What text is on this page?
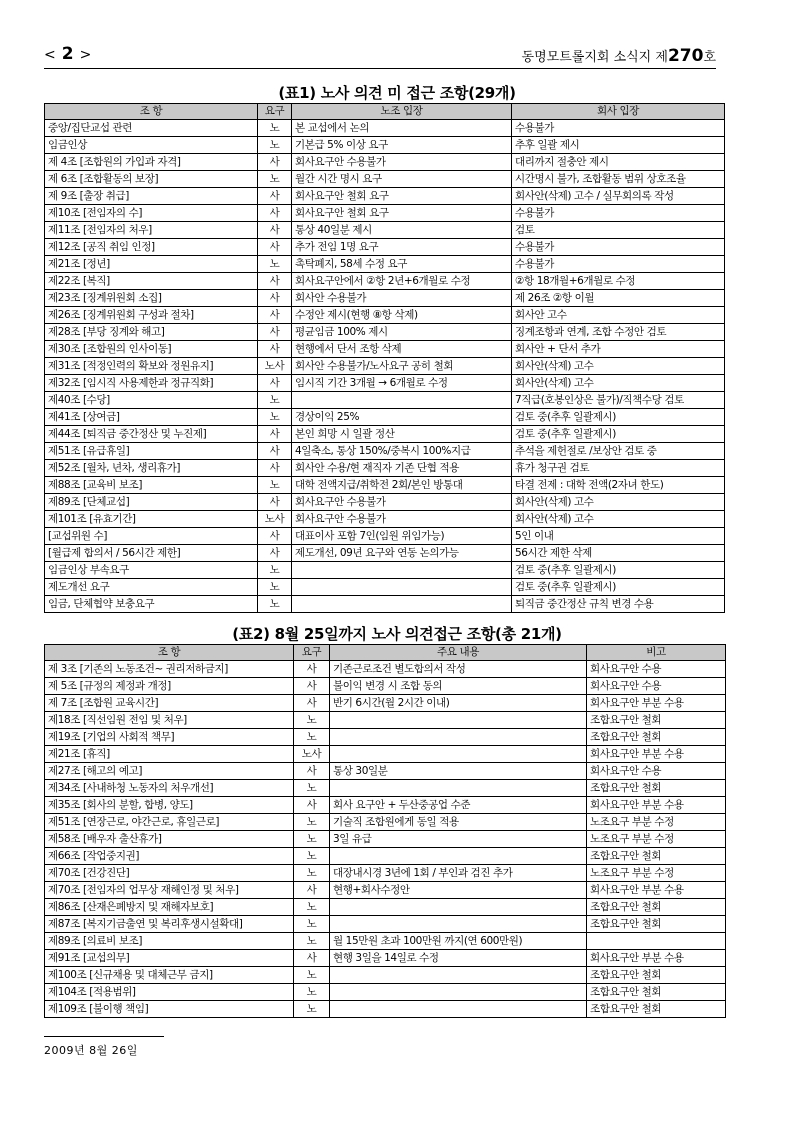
< 2 >	동명모트롤지회 소식지 제270호
(표1) 노사 의견 미 접근 조항(29개)
조 항	요구	노조 입장	회사 입장
중앙/집단교섭 관련	노	본 교섭에서 논의	수용불가
임금인상	노	기본급 5% 이상 요구	추후 일괄 제시
제 4조 [조합원의 가입과 자격]	사	회사요구안 수용불가	대리까지 절충안 제시
제 6조 [조합활동의 보장]	노	월간 시간 명시 요구	시간명시 불가, 조합활동 범위 상호조율
제 9조 [출장 취급]	사	회사요구안 철회 요구	회사안(삭제) 고수 / 실무회의록 작성
제10조 [전임자의 수]	사	회사요구안 철회 요구	수용불가
제11조 [전임자의 처우]	사	통상 40일분 제시	검토
제12조 [공직 취임 인정]	사	추가 전임 1명 요구	수용불가
제21조 [정년]	노	촉탁폐지, 58세 수정 요구	수용불가
제22조 [복직]	사	회사요구안에서 ②항 2년+6개월로 수정	②항 18개월+6개월로 수정
제23조 [징계위원회 소집]	사	회사안 수용불가	제 26조 ②항 이월
제26조 [징계위원회 구성과 절차]	사	수정안 제시(현행 ⑧항 삭제)	회사안 고수
제28조 [부당 징계와 해고]	사	평균임금 100% 제시	징계조항과 연계, 조합 수정안 검토
제30조 [조합원의 인사이동]	사	현행에서 단서 조항 삭제	회사안 + 단서 추가
제31조 [적정인력의 확보와 정원유지]	노사	회사안 수용불가/노사요구 공히 철회	회사안(삭제) 고수
제32조 [임시직 사용제한과 정규직화]	사	임시직 기간 3개월 → 6개월로 수정	회사안(삭제) 고수
제40조 [수당]	노		7직급(호봉인상은 불가)/직책수당 검토
제41조 [상여금]	노	경상이익 25%	검토 중(추후 일괄제시)
제44조 [퇴직금 중간정산 및 누진제]	사	본인 희망 시 일괄 정산	검토 중(추후 일괄제시)
제51조 [유급휴일]	사	4일축소, 통상 150%/중복시 100%지급	추석을 제헌절로 /보상안 검토 중
제52조 [월차, 년차, 생리휴가]	사	회사안 수용/현 재직자 기존 단협 적용	휴가 청구권 검토
제88조 [교육비 보조]	노	대학 전액지급/취학전 2회/본인 방통대	타결 전제 : 대학 전액(2자녀 한도)
제89조 [단체교섭]	사	회사요구안 수용불가	회사안(삭제) 고수
제101조 [유효기간]	노사	회사요구안 수용불가	회사안(삭제) 고수
[교섭위원 수]	사	대표이사 포함 7인(임원 위임가능)	5인 이내
[월급제 합의서 / 56시간 제한]	사	제도개선, 09년 요구와 연동 논의가능	56시간 제한 삭제
임금인상 부속요구	노		검토 중(추후 일괄제시)
제도개선 요구	노		검토 중(추후 일괄제시)
임금, 단체협약 보충요구	노		퇴직금 중간정산 규칙 변경 수용
(표2) 8월 25일까지 노사 의견접근 조항(총 21개)
조 항	요구	주요 내용	비고
제 3조 [기존의 노동조건~ 권리저하금지]	사	기존근로조건 별도합의서 작성	회사요구안 수용
제 5조 [규정의 제정과 개정]	사	불이익 변경 시 조합 동의	회사요구안 수용
제 7조 [조합원 교육시간]	사	반기 6시간(월 2시간 이내)	회사요구안 부분 수용
제18조 [직선임원 전임 및 처우]	노		조합요구안 철회
제19조 [기업의 사회적 책무]	노		조합요구안 철회
제21조 [휴직]	노사		회사요구안 부분 수용
제27조 [해고의 예고]	사	통상 30일분	회사요구안 수용
제34조 [사내하청 노동자의 처우개선]	노		조합요구안 철회
제35조 [회사의 분할, 합병, 양도]	사	회사 요구안 + 두산중공업 수준	회사요구안 부분 수용
제51조 [연장근로, 야간근로, 휴일근로]	노	기술직 조합원에게 동일 적용	노조요구 부분 수정
제58조 [배우자 출산휴가]	노	3일 유급	노조요구 부분 수정
제66조 [작업중지권]	노		조합요구안 철회
제70조 [건강진단]	노	대장내시경 3년에 1회 / 부인과 검진 추가	노조요구 부분 수정
제70조 [전임자의 업무상 재해인정 및 처우]	사	현행+회사수정안	회사요구안 부분 수용
제86조 [산재은폐방지 및 재해자보호]	노		조합요구안 철회
제87조 [복지기금출연 및 복리후생시설확대]	노		조합요구안 철회
제89조 [의료비 보조]	노	월 15만원 초과 100만원 까지(연 600만원)	
제91조 [교섭의무]	사	현행 3일을 14일로 수정	회사요구안 부분 수용
제100조 [신규채용 및 대체근무 금지]	노		조합요구안 철회
제104조 [적용범위]	노		조합요구안 철회
제109조 [불이행 책임]	노		조합요구안 철회
2009년 8월 26일
